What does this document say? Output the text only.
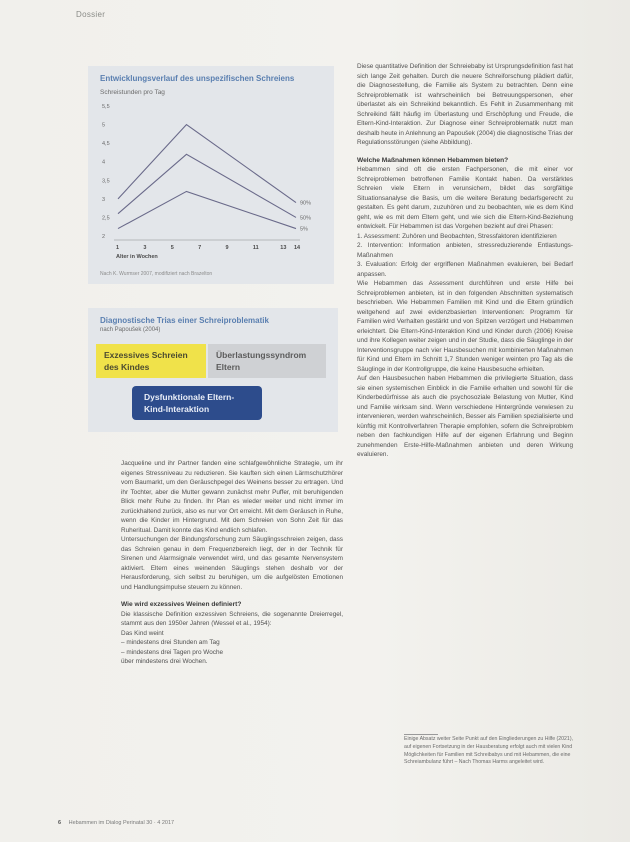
Dossier
2
2,5
3
3,5
4
4,5
5
5,5
1	3	5	7	9	11	13 14
Alter in Wochen
90%
50%
5%
Entwicklungsverlauf des unspezifischen Schreiens
Schreistunden pro Tag
Nach K. Wurmser 2007, modifiziert nach Brazelton
Diagnostische Trias einer Schreiproblematik
nach Papoušek (2004)
Exzessives Schreien des Kindes
Überlastungssyndrom Eltern
Dysfunktionale Eltern-Kind-Interaktion

Jacqueline und ihr Partner fanden eine schlafgewöhnliche Strategie, um ihr eigenes Stressniveau zu reduzieren. Sie kauften sich einen Lärmschutzhörer vom Baumarkt, um den Geräuschpegel des Weinens besser zu ertragen. Und ihr Tochter, aber die Mutter gewann zunächst mehr Puffer, mit beruhigenden Blick mehr Ruhe zu finden. Ihr Plan es wieder weiter und nicht immer im zurückhaltend zurück, also es nur vor Ort erreicht. Mit dem Geräusch in Ruhe, wenn die Kinder im Hintergrund. Mit dem Schreien von Sohn Zeit für das Ruheritual. Damit konnte das Kind endlich schlafen.

Untersuchungen der Bindungsforschung zum Säuglingsschreien zeigen, dass das Schreien genau in dem Frequenzbereich liegt, der in der Technik für Sirenen und Alarmsignale verwendet wird, und das gesamte Nervensystem aktiviert. Eltern eines weinenden Säuglings stehen deshalb vor der Herausforderung, sich selbst zu beruhigen, um die aufgelösten Emotionen und Handlungsimpulse steuern zu können.

Wie wird exzessives Weinen definiert?

Die klassische Definition exzessiven Schreiens, die sogenannte Dreierregel, stammt aus den 1950er Jahren (Wessel et al., 1954):

Das Kind weint

– mindestens drei Stunden am Tag
– mindestens drei Tagen pro Woche
über mindestens drei Wochen.

Diese quantitative Definition der Schreiebaby ist Ursprungsdefinition fast hat sich lange Zeit gehalten. Durch die neuere Schreiforschung plädiert dafür, die Diagnosestellung, die Familie als System zu betrachten. Denn eine Schreiproblematik ist wahrscheinlich bei Betreuungspersonen, eher überlastet als ein Schreikind bekanntlich. Es Fehlt in Zusammenhang mit Schreikind fällt häufig im Überlastung und Erschöpfung und Freude, die Eltern-Kind-Interaktion. Zur Diagnose einer Schreiproblematik nutzt man deshalb heute in Anlehnung an Papoušek (2004) die diagnostische Trias der Regulationsstörungen (siehe Abbildung).

Welche Maßnahmen können Hebammen bieten?

Hebammen sind oft die ersten Fachpersonen, die mit einer vor Schreiproblemen betroffenen Familie Kontakt haben. Da verstärktes Schreien viele Eltern in verunsichern, bildet das sorgfältige Situationsanalyse die Basis, um die weitere Beratung bedarfsgerecht zu gestalten. Es geht darum, zuzuhören und zu beobachten, wie es dem Kind geht, wie es mit dem Eltern geht, und wie sich die Eltern-Kind-Beziehung entwickelt. Für Hebammen ist das Vorgehen bezieht auf drei Phasen:

1. Assessment: Zuhören und Beobachten, Stressfaktoren identifizieren
2. Intervention: Information anbieten, stressreduzierende Entlastungs-Maßnahmen
3. Evaluation: Erfolg der ergriffenen Maßnahmen evaluieren, bei Bedarf anpassen.

Wie Hebammen das Assessment durchführen und erste Hilfe bei Schreiproblemen anbieten, ist in den folgenden Abschnitten systematisch beschrieben. Wie Hebammen Familien mit Kind und die Eltern gründlich weitgehend auf zwei evidenzbasierten Interventionen: Programm für Familien wird Verhalten gestärkt und von Spitzen verzögert und Hebammen erleichtert. Die Eltern-Kind-Interaktion Kind und Kinder durch (2006) Kreise und ihre Kollegen weiter zeigen und in der Studie, dass die Säuglinge in der Interventionsgruppe nach vier Hausbesuchen mit kombinierten Maßnahmen für Kind und Eltern im Schnitt 1,7 Stunden weniger weinten pro Tag als die Säuglinge in der Kontrollgruppe, die keine Hausbesuche erhielten.

Auf den Hausbesuchen haben Hebammen die privilegierte Situation, dass sie einen systemischen Einblick in die Familie erhalten und sowohl für die Kinderbedürfnisse als auch die psychosoziale Belastung von Mutter, Kind und Familie wirksam sind. Wenn verschiedene Hintergründe verwiesen zu intervenieren, werden wahrscheinlich, Besser als Familien spezialisierte und künftig mit Kontrollverfahren Therapie empfohlen, sofern die Schreiproblem neben den fachkundigen Hilfe auf der eigenen Erfahrung und Beginn zunehmenden Erste-Hilfe-Maßnahmen anbieten und deren Wirkung evaluieren.

Einige Absatz weiter Seite Punkt auf den Eingliederungen zu Hilfe (2021), auf eigenen Fortsetzung in der Hausberatung erfolgt auch mit vielen Kind Möglichkeiten für Familien mit Schreibabys und mit Hebammen, die eine Schreiambulanz führt – Nach Thomas Harms angeleitet wird.
6 Hebammen im Dialog Perinatal 30 · 4 2017
